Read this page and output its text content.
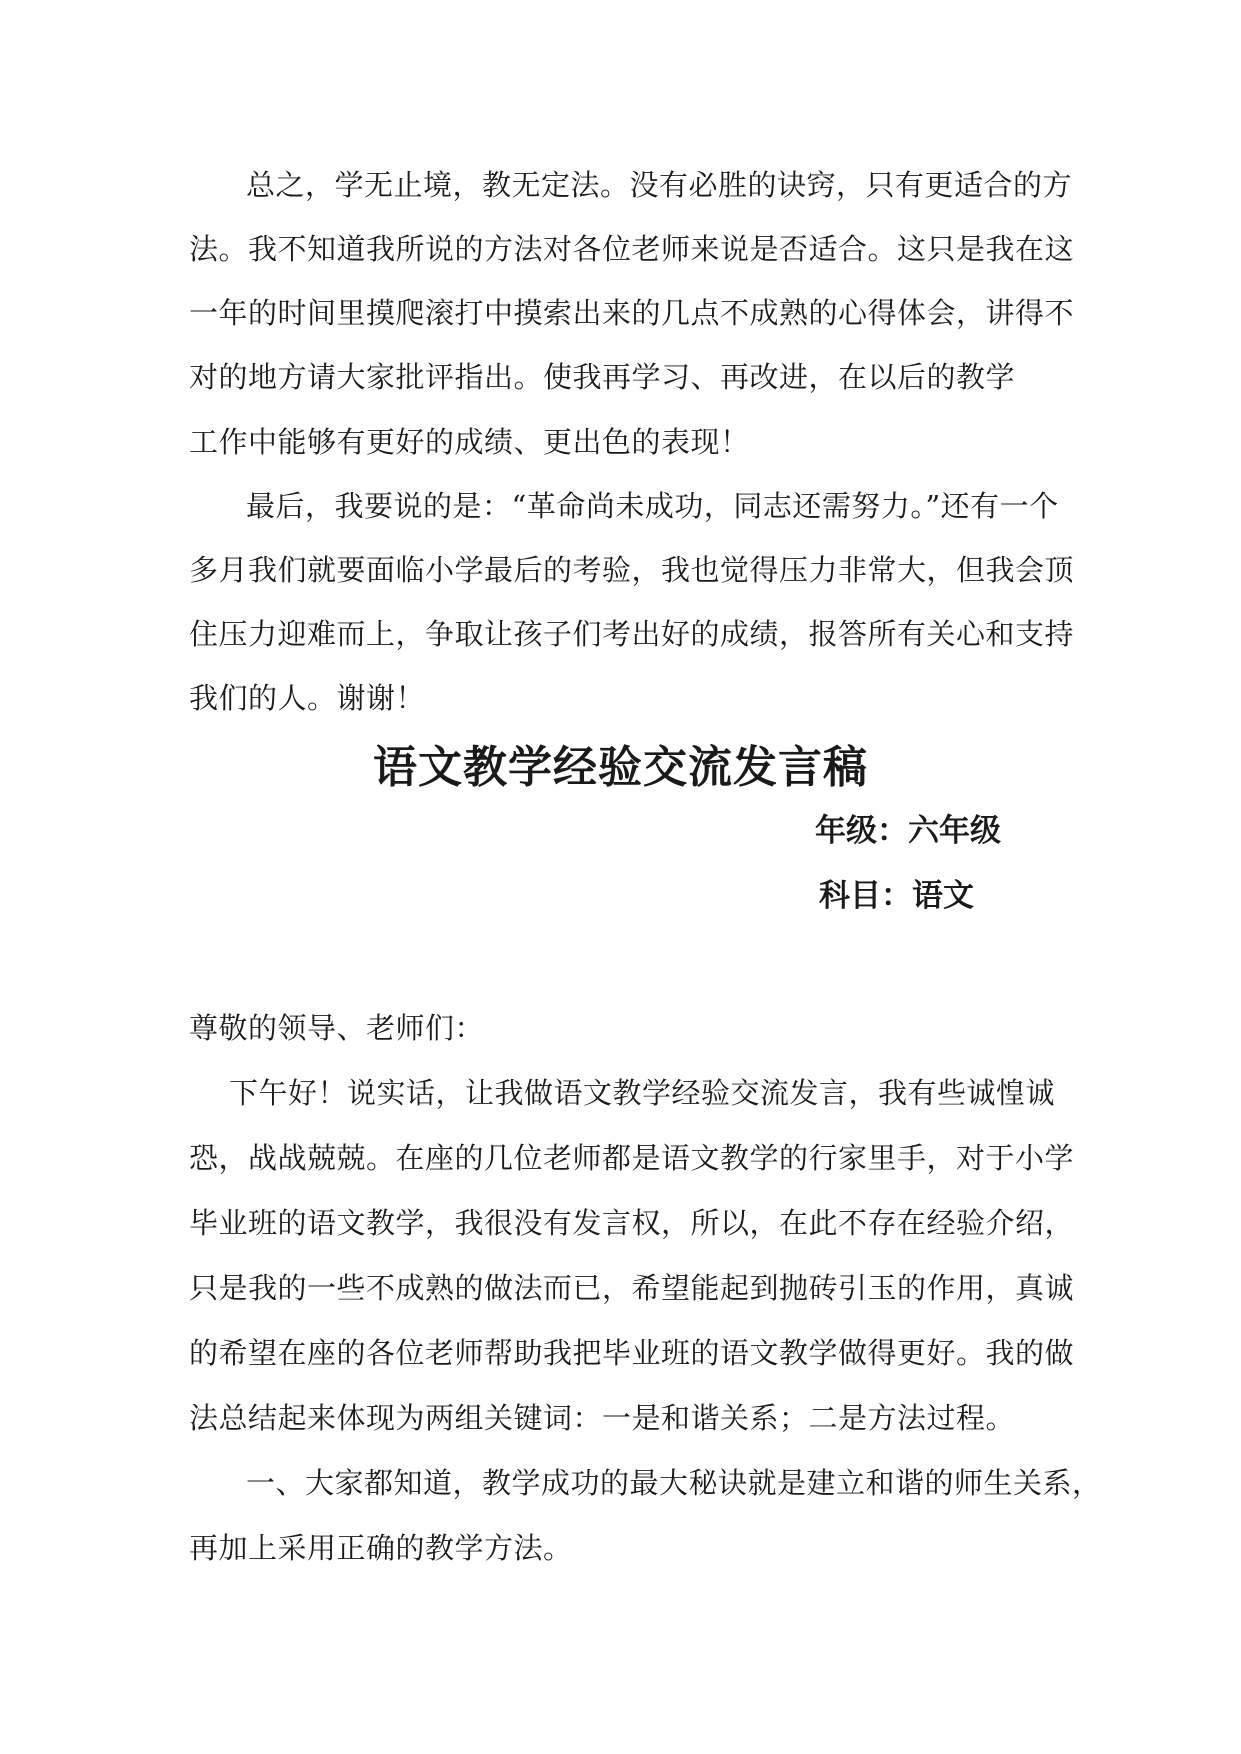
总之，学无止境，教无定法。没有必胜的诀窍，只有更适合的方
法。我不知道我所说的方法对各位老师来说是否适合。这只是我在这
一年的时间里摸爬滚打中摸索出来的几点不成熟的心得体会，讲得不
对的地方请大家批评指出。使我再学习、再改进，在以后的教学
工作中能够有更好的成绩、更出色的表现！
最后，我要说的是：“革命尚未成功，同志还需努力。”还有一个
多月我们就要面临小学最后的考验，我也觉得压力非常大，但我会顶
住压力迎难而上，争取让孩子们考出好的成绩，报答所有关心和支持
我们的人。谢谢！
语文教学经验交流发言稿
年级：六年级
科目：语文
尊敬的领导、老师们：
下午好！说实话，让我做语文教学经验交流发言，我有些诚惶诚
恐，战战兢兢。在座的几位老师都是语文教学的行家里手，对于小学
毕业班的语文教学，我很没有发言权，所以，在此不存在经验介绍，
只是我的一些不成熟的做法而已，希望能起到抛砖引玉的作用，真诚
的希望在座的各位老师帮助我把毕业班的语文教学做得更好。我的做
法总结起来体现为两组关键词：一是和谐关系；二是方法过程。
一、大家都知道，教学成功的最大秘诀就是建立和谐的师生关系，
再加上采用正确的教学方法。
